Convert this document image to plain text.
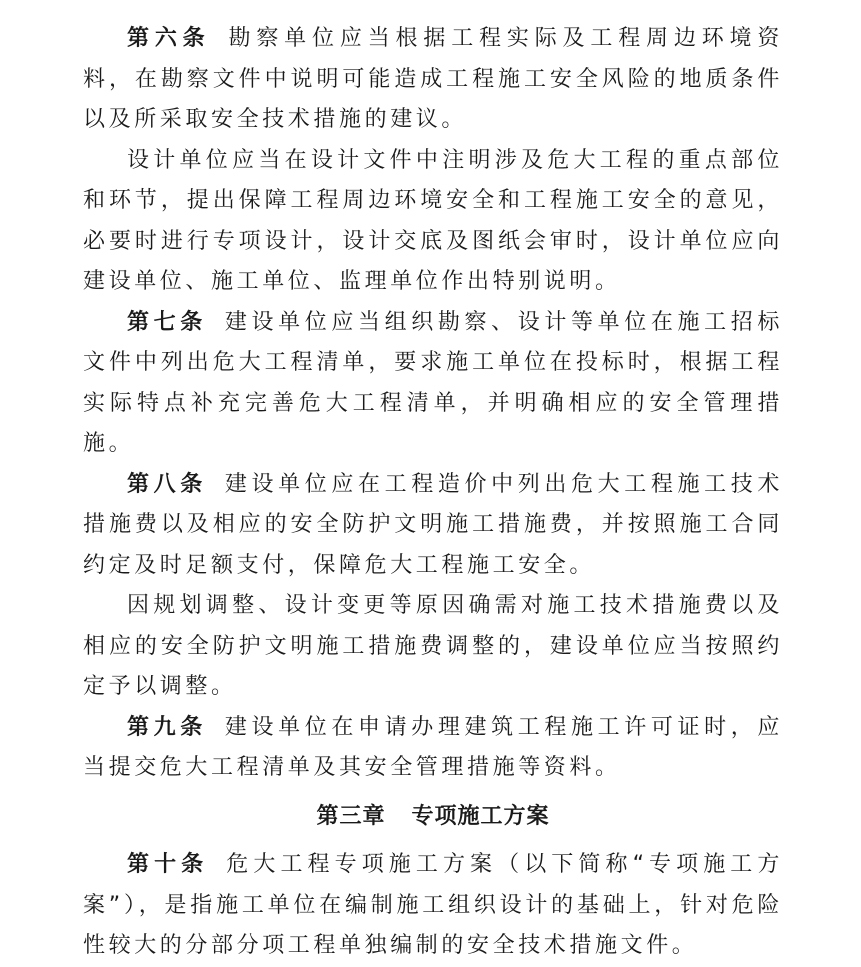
第六条 勘察单位应当根据工程实际及工程周边环境资料，在勘察文件中说明可能造成工程施工安全风险的地质条件以及所采取安全技术措施的建议。

设计单位应当在设计文件中注明涉及危大工程的重点部位和环节，提出保障工程周边环境安全和工程施工安全的意见，必要时进行专项设计，设计交底及图纸会审时，设计单位应向建设单位、施工单位、监理单位作出特别说明。

第七条 建设单位应当组织勘察、设计等单位在施工招标文件中列出危大工程清单，要求施工单位在投标时，根据工程实际特点补充完善危大工程清单，并明确相应的安全管理措施。

第八条 建设单位应在工程造价中列出危大工程施工技术措施费以及相应的安全防护文明施工措施费，并按照施工合同约定及时足额支付，保障危大工程施工安全。

因规划调整、设计变更等原因确需对施工技术措施费以及相应的安全防护文明施工措施费调整的，建设单位应当按照约定予以调整。

第九条 建设单位在申请办理建筑工程施工许可证时，应当提交危大工程清单及其安全管理措施等资料。

第三章 专项施工方案

第十条 危大工程专项施工方案（以下简称“专项施工方案”），是指施工单位在编制施工组织设计的基础上，针对危险性较大的分部分项工程单独编制的安全技术措施文件。
